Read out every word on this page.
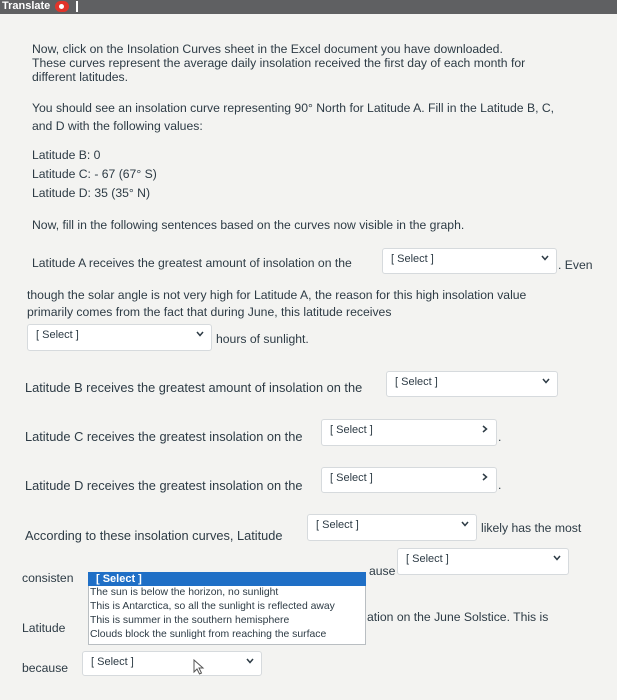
Translate
Now, click on the Insolation Curves sheet in the Excel document you have downloaded.
These curves represent the average daily insolation received the first day of each month for
different latitudes.
You should see an insolation curve representing 90° North for Latitude A. Fill in the Latitude B, C,
and D with the following values:
Latitude B: 0
Latitude C: - 67 (67° S)
Latitude D: 35 (35° N)
Now, fill in the following sentences based on the curves now visible in the graph.
Latitude A receives the greatest amount of insolation on the	[ Select ]	. Even
though the solar angle is not very high for Latitude A, the reason for this high insolation value
primarily comes from the fact that during June, this latitude receives
[ Select ]	hours of sunlight.
Latitude B receives the greatest amount of insolation on the	[ Select ]
Latitude C receives the greatest insolation on the	[ Select ]	.
Latitude D receives the greatest insolation on the	[ Select ]	.
According to these insolation curves, Latitude
[ Select ]	likely has the most
consisten	ause
[ Select ]
Latitude
ation on the June Solstice. This is
because [ Select ]
[ Select ]
The sun is below the horizon, no sunlight
This is Antarctica, so all the sunlight is reflected away
This is summer in the southern hemisphere
Clouds block the sunlight from reaching the surface
